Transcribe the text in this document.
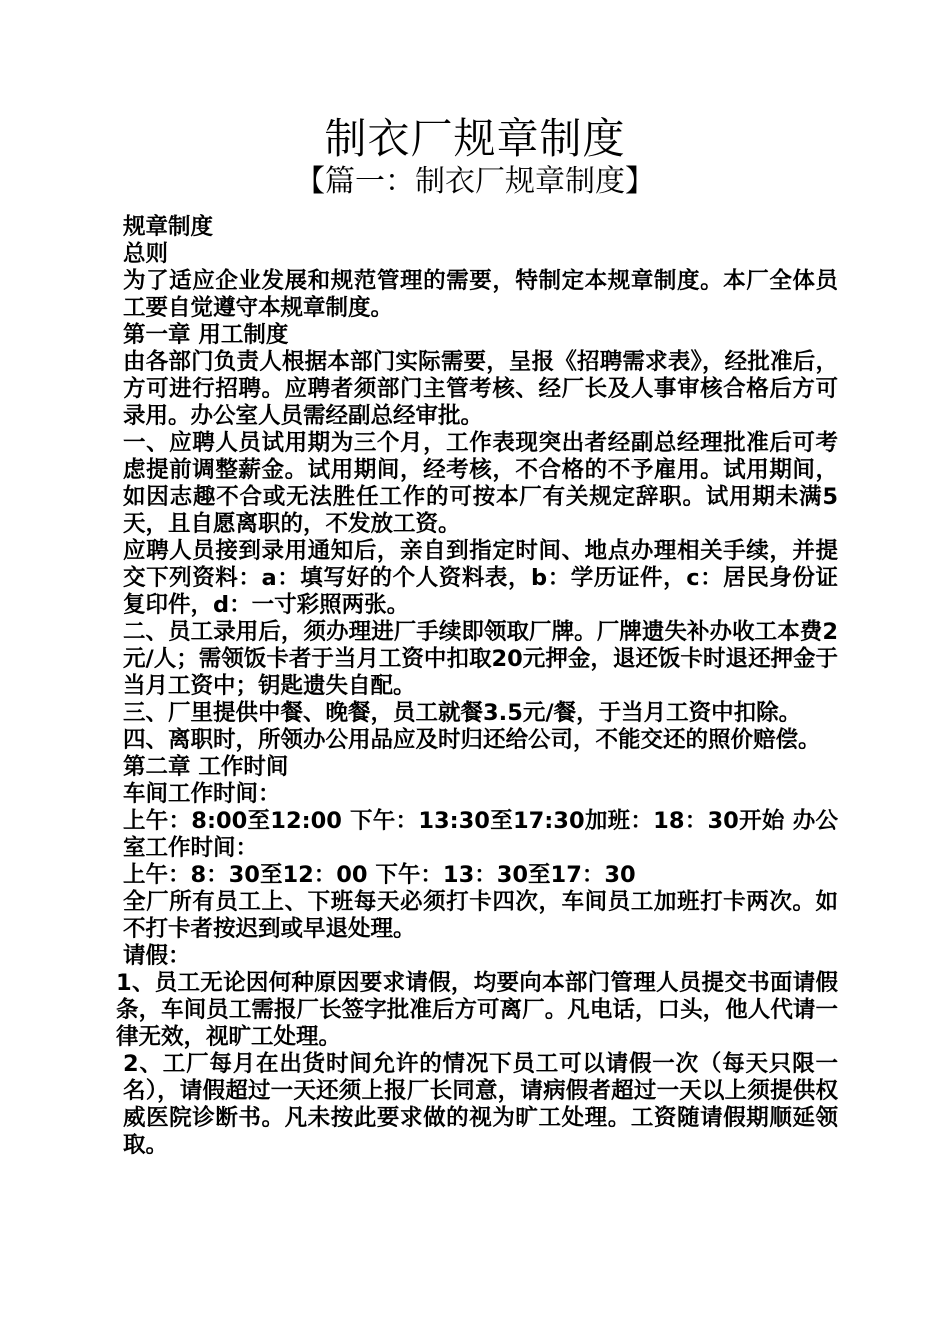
制衣厂规章制度
【篇一：制衣厂规章制度】

规章制度

总则

为了适应企业发展和规范管理的需要，特制定本规章制度。本厂全体员工要自觉遵守本规章制度。

第一章 用工制度

由各部门负责人根据本部门实际需要，呈报《招聘需求表》，经批准后，方可进行招聘。应聘者须部门主管考核、经厂长及人事审核合格后方可录用。办公室人员需经副总经审批。

一、应聘人员试用期为三个月，工作表现突出者经副总经理批准后可考虑提前调整薪金。试用期间，经考核，不合格的不予雇用。试用期间，如因志趣不合或无法胜任工作的可按本厂有关规定辞职。试用期未满5天，且自愿离职的，不发放工资。

应聘人员接到录用通知后，亲自到指定时间、地点办理相关手续，并提交下列资料：a：填写好的个人资料表，b：学历证件，c：居民身份证复印件，d：一寸彩照两张。

二、员工录用后，须办理进厂手续即领取厂牌。厂牌遗失补办收工本费2元/人；需领饭卡者于当月工资中扣取20元押金，退还饭卡时退还押金于当月工资中；钥匙遗失自配。

三、厂里提供中餐、晚餐，员工就餐3.5元/餐，于当月工资中扣除。

四、离职时，所领办公用品应及时归还给公司，不能交还的照价赔偿。

第二章 工作时间

车间工作时间：

上午：8:00至12:00 下午：13:30至17:30加班：18：30开始 办公室工作时间：

上午：8：30至12：00 下午：13：30至17：30

全厂所有员工上、下班每天必须打卡四次，车间员工加班打卡两次。如不打卡者按迟到或早退处理。

请假：

1、员工无论因何种原因要求请假，均要向本部门管理人员提交书面请假条，车间员工需报厂长签字批准后方可离厂。凡电话，口头，他人代请一律无效，视旷工处理。

2、工厂每月在出货时间允许的情况下员工可以请假一次（每天只限一名），请假超过一天还须上报厂长同意，请病假者超过一天以上须提供权威医院诊断书。凡未按此要求做的视为旷工处理。工资随请假期顺延领取。
